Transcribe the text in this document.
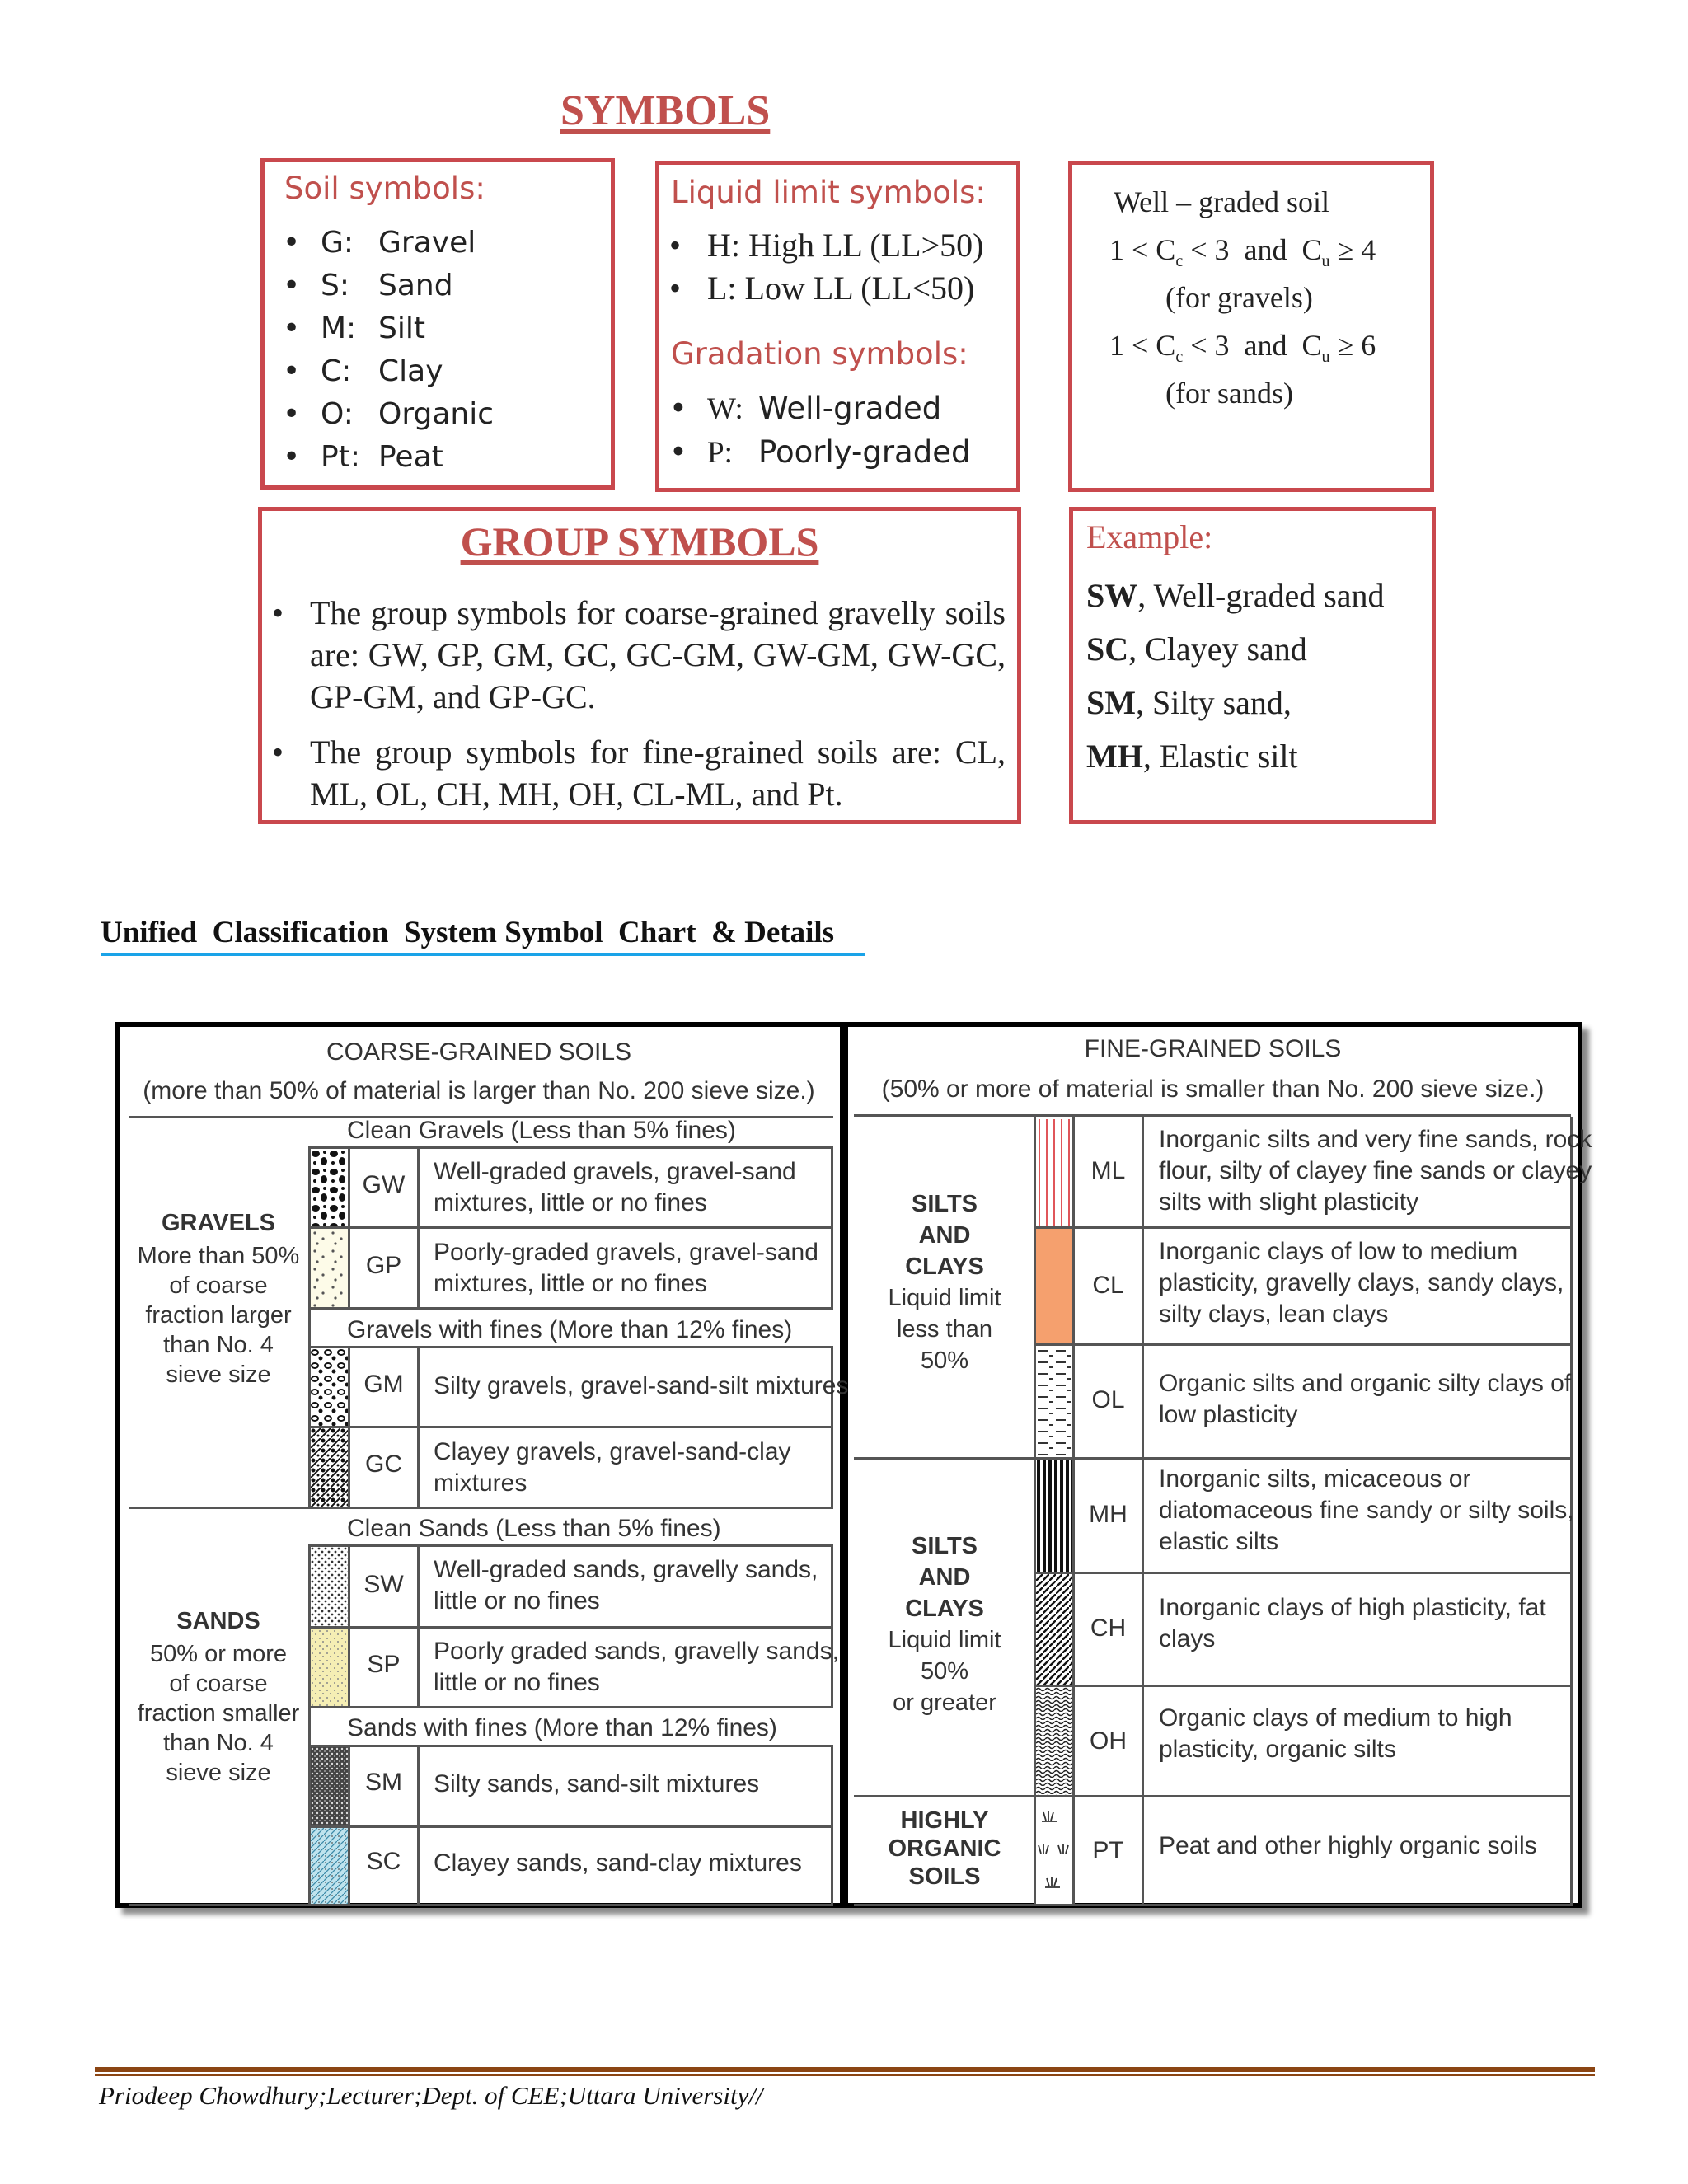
SYMBOLS
Soil symbols:
• G: Gravel
• S: Sand
• M: Silt
• C: Clay
• O: Organic
• Pt: Peat
Liquid limit symbols:
• H: High LL (LL>50)
• L: Low LL (LL<50)
Gradation symbols:
• W: Well-graded
• P: Poorly-graded
Well – graded soil
$1 < C_c < 3$  and  $C_u \ge 4$
(for gravels)
$1 < C_c < 3$  and  $C_u \ge 6$
(for sands)
GROUP SYMBOLS
• The group symbols for coarse-grained gravelly soils are: GW, GP, GM, GC, GC-GM, GW-GM, GW-GC, GP-GM, and GP-GC.
• The group symbols for fine-grained soils are: CL, ML, OL, CH, MH, OH, CL-ML, and Pt.
Example:
SW, Well-graded sand
SC, Clayey sand
SM, Silty sand,
MH, Elastic silt
Unified  Classification  System Symbol  Chart  & Details
COARSE-GRAINED SOILS
(more than 50% of material is larger than No. 200 sieve size.)
FINE-GRAINED SOILS
(50% or more of material is smaller than No. 200 sieve size.)
Clean Gravels (Less than 5% fines)
Gravels with fines (More than 12% fines)
Clean Sands (Less than 5% fines)
Sands with fines (More than 12% fines)
GRAVELS
More than 50%
of coarse
fraction larger
than No. 4
sieve size
SANDS
50% or more
of coarse
fraction smaller
than No. 4
sieve size
GW
GP
GM
GC
SW
SP
SM
SC
Well-graded gravels, gravel-sand
mixtures, little or no fines
Poorly-graded gravels, gravel-sand
mixtures, little or no fines
Silty gravels, gravel-sand-silt mixtures
Clayey gravels, gravel-sand-clay
mixtures
Well-graded sands, gravelly sands,
little or no fines
Poorly graded sands, gravelly sands,
little or no fines
Silty sands, sand-silt mixtures
Clayey sands, sand-clay mixtures
SILTS
AND
CLAYS
Liquid limit
less than
50%
SILTS
AND
CLAYS
Liquid limit
50%
or greater
HIGHLY
ORGANIC
SOILS
ML
CL
OL
MH
CH
OH
PT
Inorganic silts and very fine sands, rock
flour, silty of clayey fine sands or clayey
silts with slight plasticity
Inorganic clays of low to medium
plasticity, gravelly clays, sandy clays,
silty clays, lean clays
Organic silts and organic silty clays of
low plasticity
Inorganic silts, micaceous or
diatomaceous fine sandy or silty soils,
elastic silts
Inorganic clays of high plasticity, fat
clays
Organic clays of medium to high
plasticity, organic silts
Peat and other highly organic soils
Priodeep Chowdhury;Lecturer;Dept. of CEE;Uttara University//
